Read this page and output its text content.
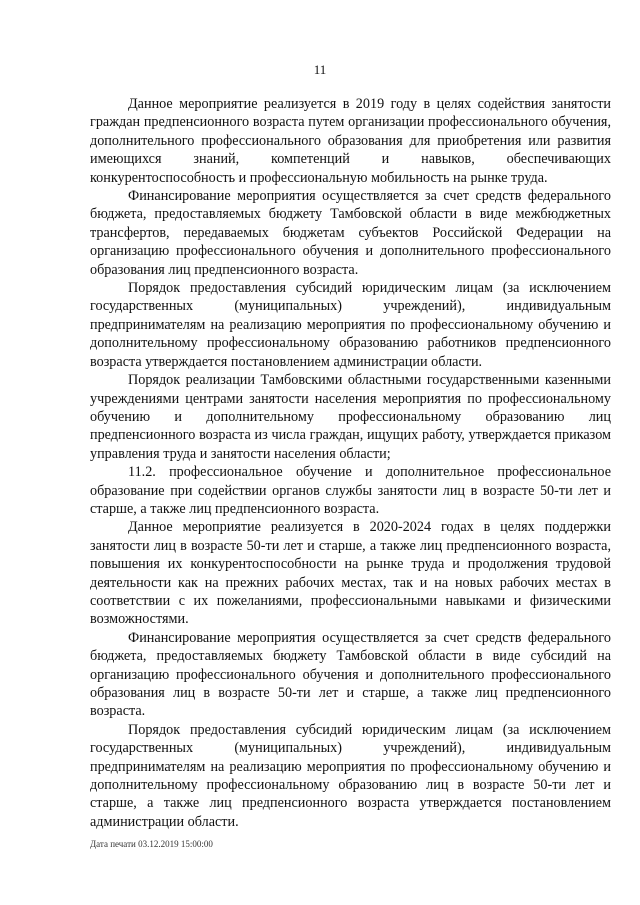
11

Данное мероприятие реализуется в 2019 году в целях содействия занятости граждан предпенсионного возраста путем организации профессионального обучения, дополнительного профессионального образования для приобретения или развития имеющихся знаний, компетенций и навыков, обеспечивающих конкурентоспособность и профессиональную мобильность на рынке труда.

Финансирование мероприятия осуществляется за счет средств федерального бюджета, предоставляемых бюджету Тамбовской области в виде межбюджетных трансфертов, передаваемых бюджетам субъектов Российской Федерации на организацию профессионального обучения и дополнительного профессионального образования лиц предпенсионного возраста.

Порядок предоставления субсидий юридическим лицам (за исключением государственных (муниципальных) учреждений), индивидуальным предпринимателям на реализацию мероприятия по профессиональному обучению и дополнительному профессиональному образованию работников предпенсионного возраста утверждается постановлением администрации области.

Порядок реализации Тамбовскими областными государственными казенными учреждениями центрами занятости населения мероприятия по профессиональному обучению и дополнительному профессиональному образованию лиц предпенсионного возраста из числа граждан, ищущих работу, утверждается приказом управления труда и занятости населения области;

11.2. профессиональное обучение и дополнительное профессиональное образование при содействии органов службы занятости лиц в возрасте 50-ти лет и старше, а также лиц предпенсионного возраста.

Данное мероприятие реализуется в 2020-2024 годах в целях поддержки занятости лиц в возрасте 50-ти лет и старше, а также лиц предпенсионного возраста, повышения их конкурентоспособности на рынке труда и продолжения трудовой деятельности как на прежних рабочих местах, так и на новых рабочих местах в соответствии с их пожеланиями, профессиональными навыками и физическими возможностями.

Финансирование мероприятия осуществляется за счет средств федерального бюджета, предоставляемых бюджету Тамбовской области в виде субсидий на организацию профессионального обучения и дополнительного профессионального образования лиц в возрасте 50-ти лет и старше, а также лиц предпенсионного возраста.

Порядок предоставления субсидий юридическим лицам (за исключением государственных (муниципальных) учреждений), индивидуальным предпринимателям на реализацию мероприятия по профессиональному обучению и дополнительному профессиональному образованию лиц в возрасте 50-ти лет и старше, а также лиц предпенсионного возраста утверждается постановлением администрации области.

Дата печати 03.12.2019 15:00:00
